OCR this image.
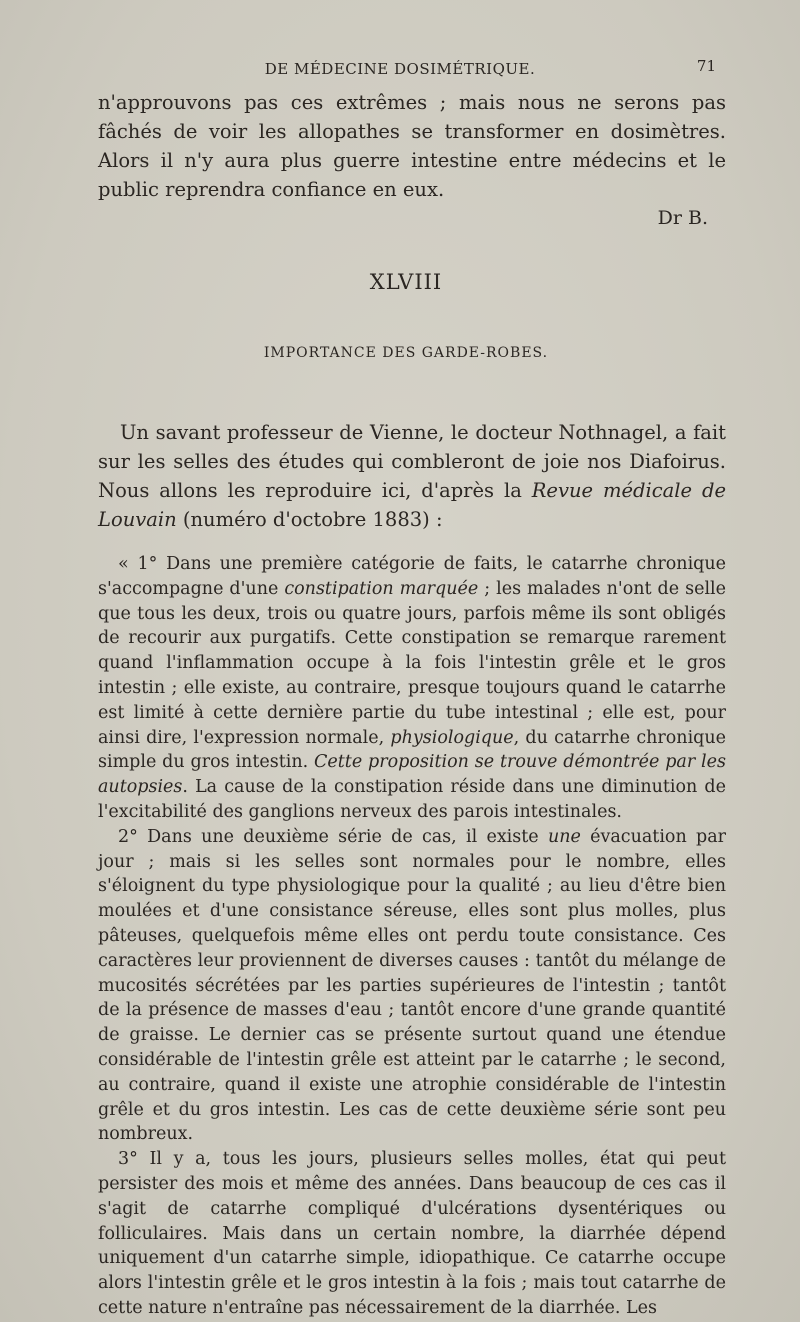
DE MÉDECINE DOSIMÉTRIQUE.	71

n'approuvons pas ces extrêmes ; mais nous ne serons pas fâchés de voir les allopathes se transformer en dosimètres. Alors il n'y aura plus guerre intestine entre médecins et le public reprendra confiance en eux.

Dr B.

XLVIII
IMPORTANCE DES GARDE-ROBES.

Un savant professeur de Vienne, le docteur Nothnagel, a fait sur les selles des études qui combleront de joie nos Diafoirus. Nous allons les reproduire ici, d'après la Revue médicale de Louvain (numéro d'octobre 1883) :

« 1° Dans une première catégorie de faits, le catarrhe chronique s'accompagne d'une constipation marquée ; les malades n'ont de selle que tous les deux, trois ou quatre jours, parfois même ils sont obligés de recourir aux purgatifs. Cette constipation se remarque rarement quand l'inflammation occupe à la fois l'intestin grêle et le gros intestin ; elle existe, au contraire, presque toujours quand le catarrhe est limité à cette dernière partie du tube intestinal ; elle est, pour ainsi dire, l'expression normale, physiologique, du catarrhe chronique simple du gros intestin. Cette proposition se trouve démontrée par les autopsies. La cause de la constipation réside dans une diminution de l'excitabilité des ganglions nerveux des parois intestinales.

2° Dans une deuxième série de cas, il existe une évacuation par jour ; mais si les selles sont normales pour le nombre, elles s'éloignent du type physiologique pour la qualité ; au lieu d'être bien moulées et d'une consistance séreuse, elles sont plus molles, plus pâteuses, quelquefois même elles ont perdu toute consistance. Ces caractères leur proviennent de diverses causes : tantôt du mélange de mucosités sécrétées par les parties supérieures de l'intestin ; tantôt de la présence de masses d'eau ; tantôt encore d'une grande quantité de graisse. Le dernier cas se présente surtout quand une étendue considérable de l'intestin grêle est atteint par le catarrhe ; le second, au contraire, quand il existe une atrophie considérable de l'intestin grêle et du gros intestin. Les cas de cette deuxième série sont peu nombreux.

3° Il y a, tous les jours, plusieurs selles molles, état qui peut persister des mois et même des années. Dans beaucoup de ces cas il s'agit de catarrhe compliqué d'ulcérations dysentériques ou folliculaires. Mais dans un certain nombre, la diarrhée dépend uniquement d'un catarrhe simple, idiopathique. Ce catarrhe occupe alors l'intestin grêle et le gros intestin à la fois ; mais tout catarrhe de cette nature n'entraîne pas nécessairement de la diarrhée. Les
